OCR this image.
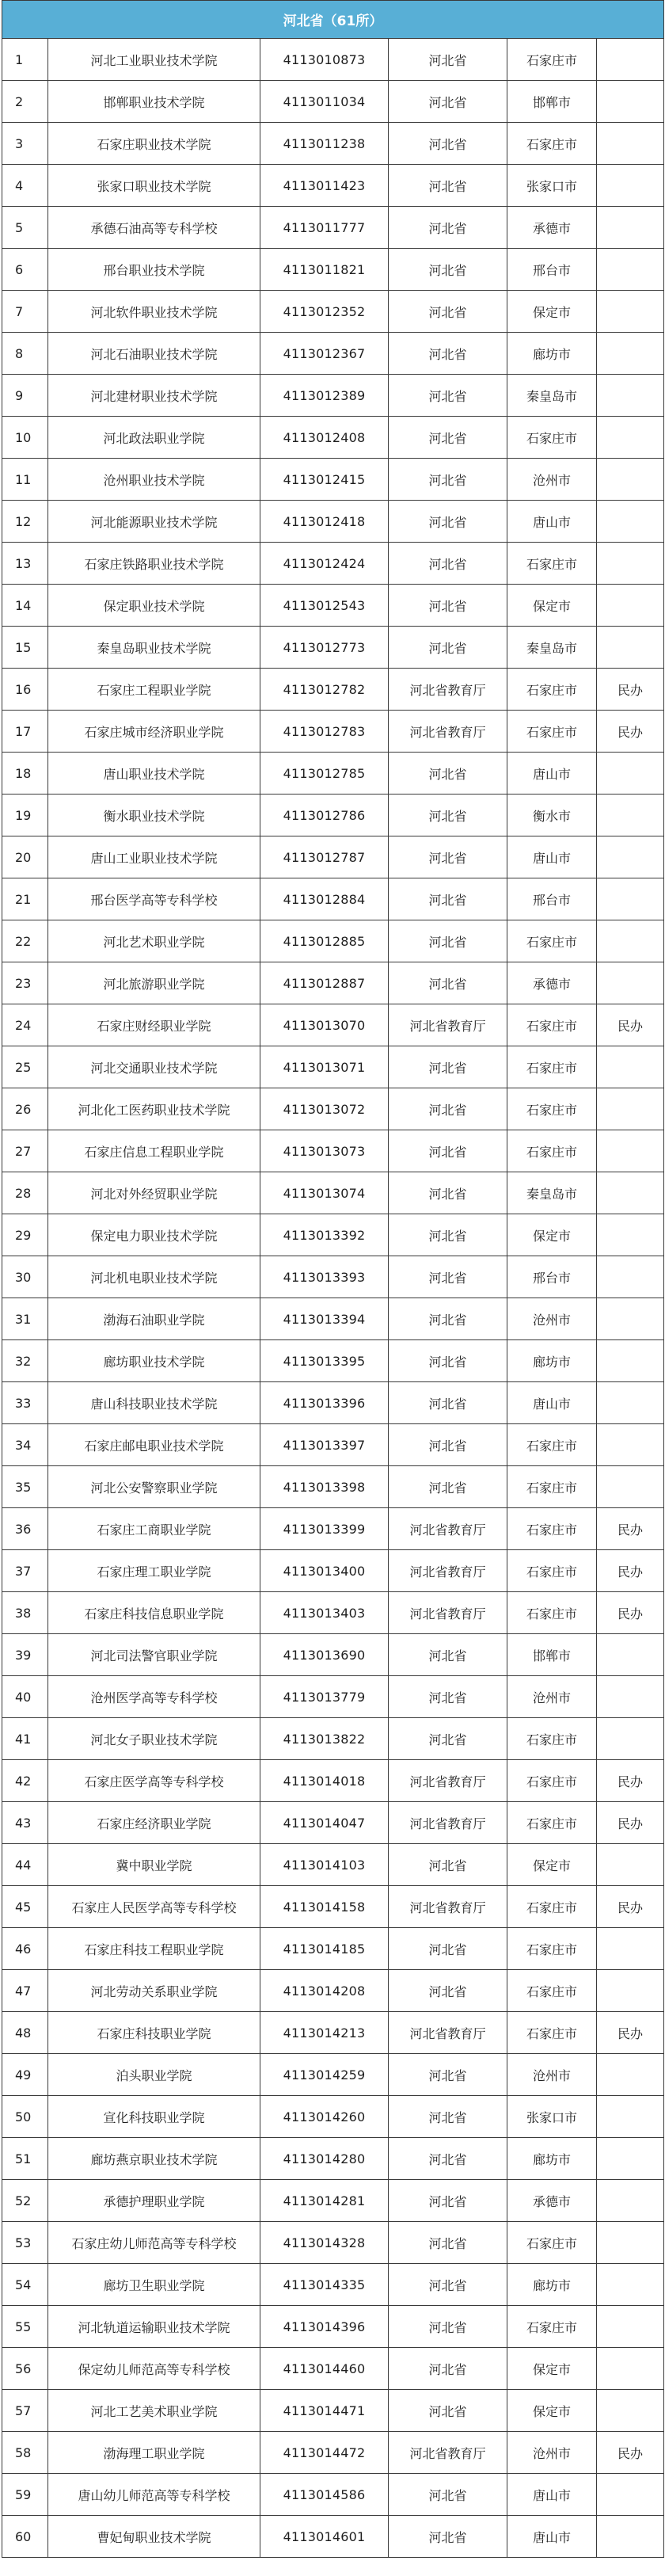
河北省（61所）					
1	河北工业职业技术学院	4113010873	河北省	石家庄市	
2	邯郸职业技术学院	4113011034	河北省	邯郸市	
3	石家庄职业技术学院	4113011238	河北省	石家庄市	
4	张家口职业技术学院	4113011423	河北省	张家口市	
5	承德石油高等专科学校	4113011777	河北省	承德市	
6	邢台职业技术学院	4113011821	河北省	邢台市	
7	河北软件职业技术学院	4113012352	河北省	保定市	
8	河北石油职业技术学院	4113012367	河北省	廊坊市	
9	河北建材职业技术学院	4113012389	河北省	秦皇岛市	
10	河北政法职业学院	4113012408	河北省	石家庄市	
11	沧州职业技术学院	4113012415	河北省	沧州市	
12	河北能源职业技术学院	4113012418	河北省	唐山市	
13	石家庄铁路职业技术学院	4113012424	河北省	石家庄市	
14	保定职业技术学院	4113012543	河北省	保定市	
15	秦皇岛职业技术学院	4113012773	河北省	秦皇岛市	
16	石家庄工程职业学院	4113012782	河北省教育厅	石家庄市	民办
17	石家庄城市经济职业学院	4113012783	河北省教育厅	石家庄市	民办
18	唐山职业技术学院	4113012785	河北省	唐山市	
19	衡水职业技术学院	4113012786	河北省	衡水市	
20	唐山工业职业技术学院	4113012787	河北省	唐山市	
21	邢台医学高等专科学校	4113012884	河北省	邢台市	
22	河北艺术职业学院	4113012885	河北省	石家庄市	
23	河北旅游职业学院	4113012887	河北省	承德市	
24	石家庄财经职业学院	4113013070	河北省教育厅	石家庄市	民办
25	河北交通职业技术学院	4113013071	河北省	石家庄市	
26	河北化工医药职业技术学院	4113013072	河北省	石家庄市	
27	石家庄信息工程职业学院	4113013073	河北省	石家庄市	
28	河北对外经贸职业学院	4113013074	河北省	秦皇岛市	
29	保定电力职业技术学院	4113013392	河北省	保定市	
30	河北机电职业技术学院	4113013393	河北省	邢台市	
31	渤海石油职业学院	4113013394	河北省	沧州市	
32	廊坊职业技术学院	4113013395	河北省	廊坊市	
33	唐山科技职业技术学院	4113013396	河北省	唐山市	
34	石家庄邮电职业技术学院	4113013397	河北省	石家庄市	
35	河北公安警察职业学院	4113013398	河北省	石家庄市	
36	石家庄工商职业学院	4113013399	河北省教育厅	石家庄市	民办
37	石家庄理工职业学院	4113013400	河北省教育厅	石家庄市	民办
38	石家庄科技信息职业学院	4113013403	河北省教育厅	石家庄市	民办
39	河北司法警官职业学院	4113013690	河北省	邯郸市	
40	沧州医学高等专科学校	4113013779	河北省	沧州市	
41	河北女子职业技术学院	4113013822	河北省	石家庄市	
42	石家庄医学高等专科学校	4113014018	河北省教育厅	石家庄市	民办
43	石家庄经济职业学院	4113014047	河北省教育厅	石家庄市	民办
44	冀中职业学院	4113014103	河北省	保定市	
45	石家庄人民医学高等专科学校	4113014158	河北省教育厅	石家庄市	民办
46	石家庄科技工程职业学院	4113014185	河北省	石家庄市	
47	河北劳动关系职业学院	4113014208	河北省	石家庄市	
48	石家庄科技职业学院	4113014213	河北省教育厅	石家庄市	民办
49	泊头职业学院	4113014259	河北省	沧州市	
50	宣化科技职业学院	4113014260	河北省	张家口市	
51	廊坊燕京职业技术学院	4113014280	河北省	廊坊市	
52	承德护理职业学院	4113014281	河北省	承德市	
53	石家庄幼儿师范高等专科学校	4113014328	河北省	石家庄市	
54	廊坊卫生职业学院	4113014335	河北省	廊坊市	
55	河北轨道运输职业技术学院	4113014396	河北省	石家庄市	
56	保定幼儿师范高等专科学校	4113014460	河北省	保定市	
57	河北工艺美术职业学院	4113014471	河北省	保定市	
58	渤海理工职业学院	4113014472	河北省教育厅	沧州市	民办
59	唐山幼儿师范高等专科学校	4113014586	河北省	唐山市	
60	曹妃甸职业技术学院	4113014601	河北省	唐山市	
